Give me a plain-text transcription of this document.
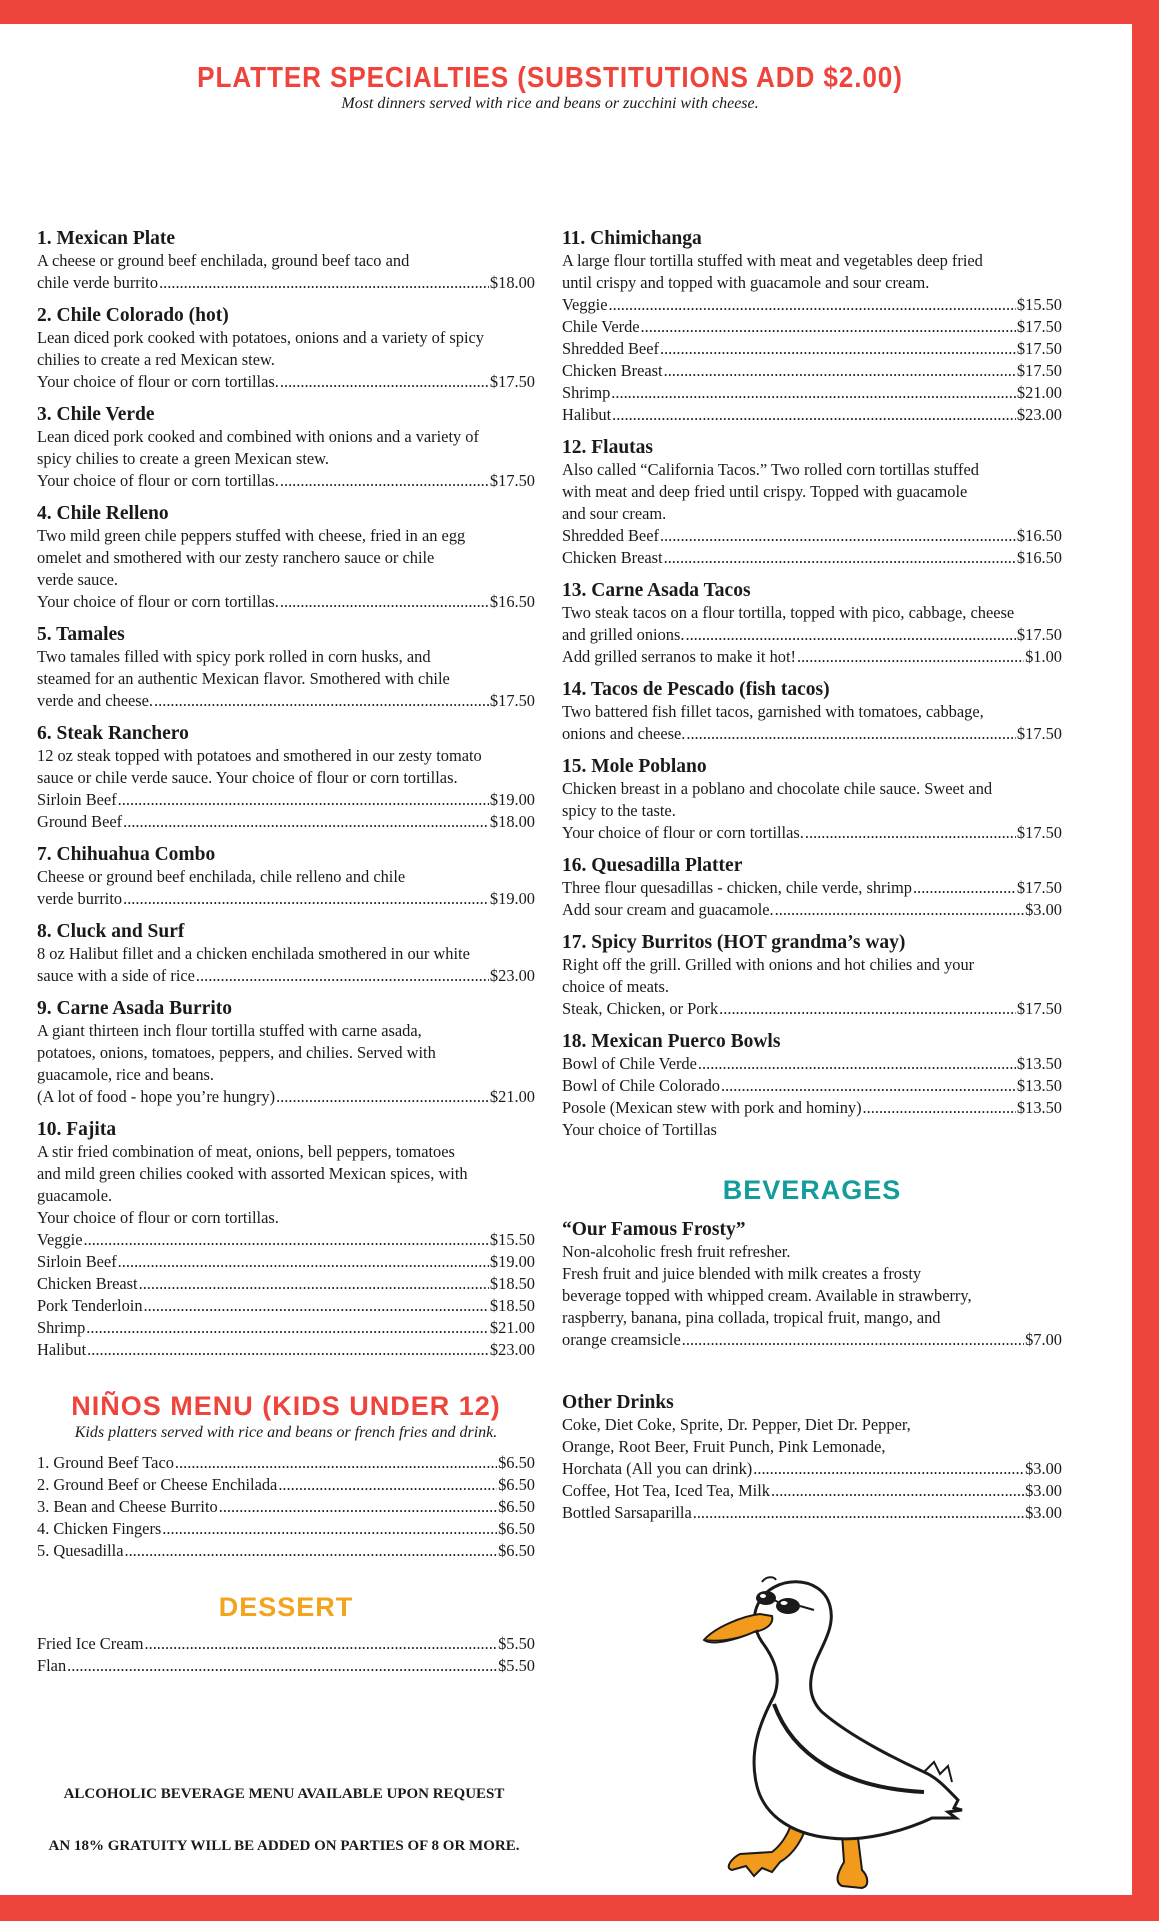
PLATTER SPECIALTIES (SUBSTITUTIONS ADD $2.00)

Most dinners served with rice and beans or zucchini with cheese.

1. Mexican Plate

A cheese or ground beef enchilada, ground beef taco and

chile verde burrito .....	$18.00
2. Chile Colorado (hot)

Lean diced pork cooked with potatoes, onions and a variety of spicy

chilies to create a red Mexican stew.

Your choice of flour or corn tortillas. .....	$17.50
3. Chile Verde

Lean diced pork cooked and combined with onions and a variety of

spicy chilies to create a green Mexican stew.

Your choice of flour or corn tortillas. .....	$17.50
4. Chile Relleno

Two mild green chile peppers stuffed with cheese, fried in an egg

omelet and smothered with our zesty ranchero sauce or chile

verde sauce.

Your choice of flour or corn tortillas. .....	$16.50
5. Tamales

Two tamales filled with spicy pork rolled in corn husks, and

steamed for an authentic Mexican flavor. Smothered with chile

verde and cheese. .....	$17.50
6. Steak Ranchero

12 oz steak topped with potatoes and smothered in our zesty tomato

sauce or chile verde sauce. Your choice of flour or corn tortillas.

Sirloin Beef .....	$19.00
Ground Beef .....	$18.00
7. Chihuahua Combo

Cheese or ground beef enchilada, chile relleno and chile

verde burrito .....	$19.00
8. Cluck and Surf

8 oz Halibut fillet and a chicken enchilada smothered in our white

sauce with a side of rice .....	$23.00
9. Carne Asada Burrito

A giant thirteen inch flour tortilla stuffed with carne asada,

potatoes, onions, tomatoes, peppers, and chilies. Served with

guacamole, rice and beans.

(A lot of food - hope you’re hungry) .....	$21.00
10. Fajita

A stir fried combination of meat, onions, bell peppers, tomatoes

and mild green chilies cooked with assorted Mexican spices, with

guacamole.

Your choice of flour or corn tortillas.

Veggie .....	$15.50
Sirloin Beef .....	$19.00
Chicken Breast .....	$18.50
Pork Tenderloin .....	$18.50
Shrimp .....	$21.00
Halibut .....	$23.00
NIÑOS MENU (KIDS UNDER 12)

Kids platters served with rice and beans or french fries and drink.

1. Ground Beef Taco .....	$6.50
2. Ground Beef or Cheese Enchilada .....	$6.50
3. Bean and Cheese Burrito .....	$6.50
4. Chicken Fingers .....	$6.50
5. Quesadilla .....	$6.50
DESSERT
Fried Ice Cream .....	$5.50
Flan .....	$5.50
11. Chimichanga

A large flour tortilla stuffed with meat and vegetables deep fried

until crispy and topped with guacamole and sour cream.

Veggie .....	$15.50
Chile Verde .....	$17.50
Shredded Beef .....	$17.50
Chicken Breast .....	$17.50
Shrimp .....	$21.00
Halibut .....	$23.00
12. Flautas

Also called “California Tacos.” Two rolled corn tortillas stuffed

with meat and deep fried until crispy. Topped with guacamole

and sour cream.

Shredded Beef .....	$16.50
Chicken Breast .....	$16.50
13. Carne Asada Tacos

Two steak tacos on a flour tortilla, topped with pico, cabbage, cheese

and grilled onions. .....	$17.50
Add grilled serranos to make it hot! .....	$1.00
14. Tacos de Pescado (fish tacos)

Two battered fish fillet tacos, garnished with tomatoes, cabbage,

onions and cheese. .....	$17.50
15. Mole Poblano

Chicken breast in a poblano and chocolate chile sauce. Sweet and

spicy to the taste.

Your choice of flour or corn tortillas. .....	$17.50
16. Quesadilla Platter
Three flour quesadillas - chicken, chile verde, shrimp .....	$17.50
Add sour cream and guacamole. .....	$3.00
17. Spicy Burritos (HOT grandma’s way)

Right off the grill. Grilled with onions and hot chilies and your

choice of meats.

Steak, Chicken, or Pork .....	$17.50
18. Mexican Puerco Bowls
Bowl of Chile Verde .....	$13.50
Bowl of Chile Colorado .....	$13.50
Posole (Mexican stew with pork and hominy) .....	$13.50

Your choice of Tortillas

BEVERAGES
“Our Famous Frosty”

Non-alcoholic fresh fruit refresher.

Fresh fruit and juice blended with milk creates a frosty

beverage topped with whipped cream. Available in strawberry,

raspberry, banana, pina collada, tropical fruit, mango, and

orange creamsicle .....	$7.00
Other Drinks

Coke, Diet Coke, Sprite, Dr. Pepper, Diet Dr. Pepper,

Orange, Root Beer, Fruit Punch, Pink Lemonade,

Horchata (All you can drink) .....	$3.00
Coffee, Hot Tea, Iced Tea, Milk .....	$3.00
Bottled Sarsaparilla .....	$3.00

ALCOHOLIC BEVERAGE MENU AVAILABLE UPON REQUEST

AN 18% GRATUITY WILL BE ADDED ON PARTIES OF 8 OR MORE.
